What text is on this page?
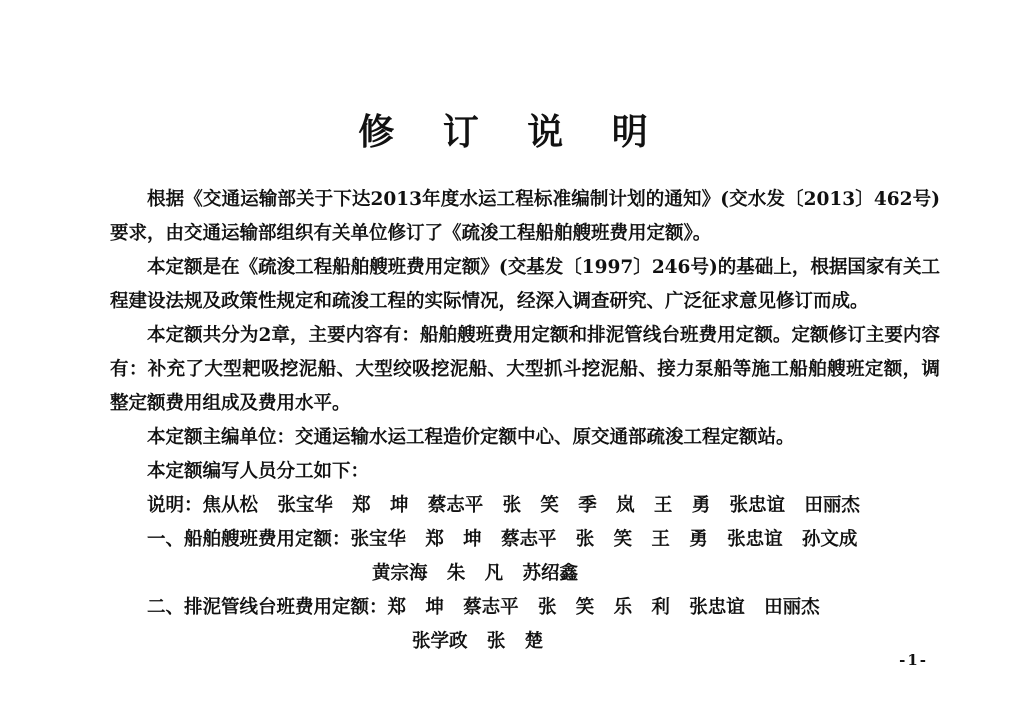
修 订 说 明

根据《交通运输部关于下达2013年度水运工程标准编制计划的通知》(交水发〔2013〕462号)要求，由交通运输部组织有关单位修订了《疏浚工程船舶艘班费用定额》。

本定额是在《疏浚工程船舶艘班费用定额》(交基发〔1997〕246号)的基础上，根据国家有关工程建设法规及政策性规定和疏浚工程的实际情况，经深入调查研究、广泛征求意见修订而成。

本定额共分为2章，主要内容有：船舶艘班费用定额和排泥管线台班费用定额。定额修订主要内容有：补充了大型耙吸挖泥船、大型绞吸挖泥船、大型抓斗挖泥船、接力泵船等施工船舶艘班定额，调整定额费用组成及费用水平。

本定额主编单位：交通运输水运工程造价定额中心、原交通部疏浚工程定额站。

本定额编写人员分工如下：

说明：焦从松   张宝华   郑   坤   蔡志平   张   笑   季   岚   王   勇   张忠谊   田丽杰
一、船舶艘班费用定额：张宝华   郑   坤   蔡志平   张   笑   王   勇   张忠谊   孙文成
黄宗海   朱   凡   苏绍鑫
二、排泥管线台班费用定额：郑   坤   蔡志平   张   笑   乐   利   张忠谊   田丽杰
张学政   张   楚
-1-
